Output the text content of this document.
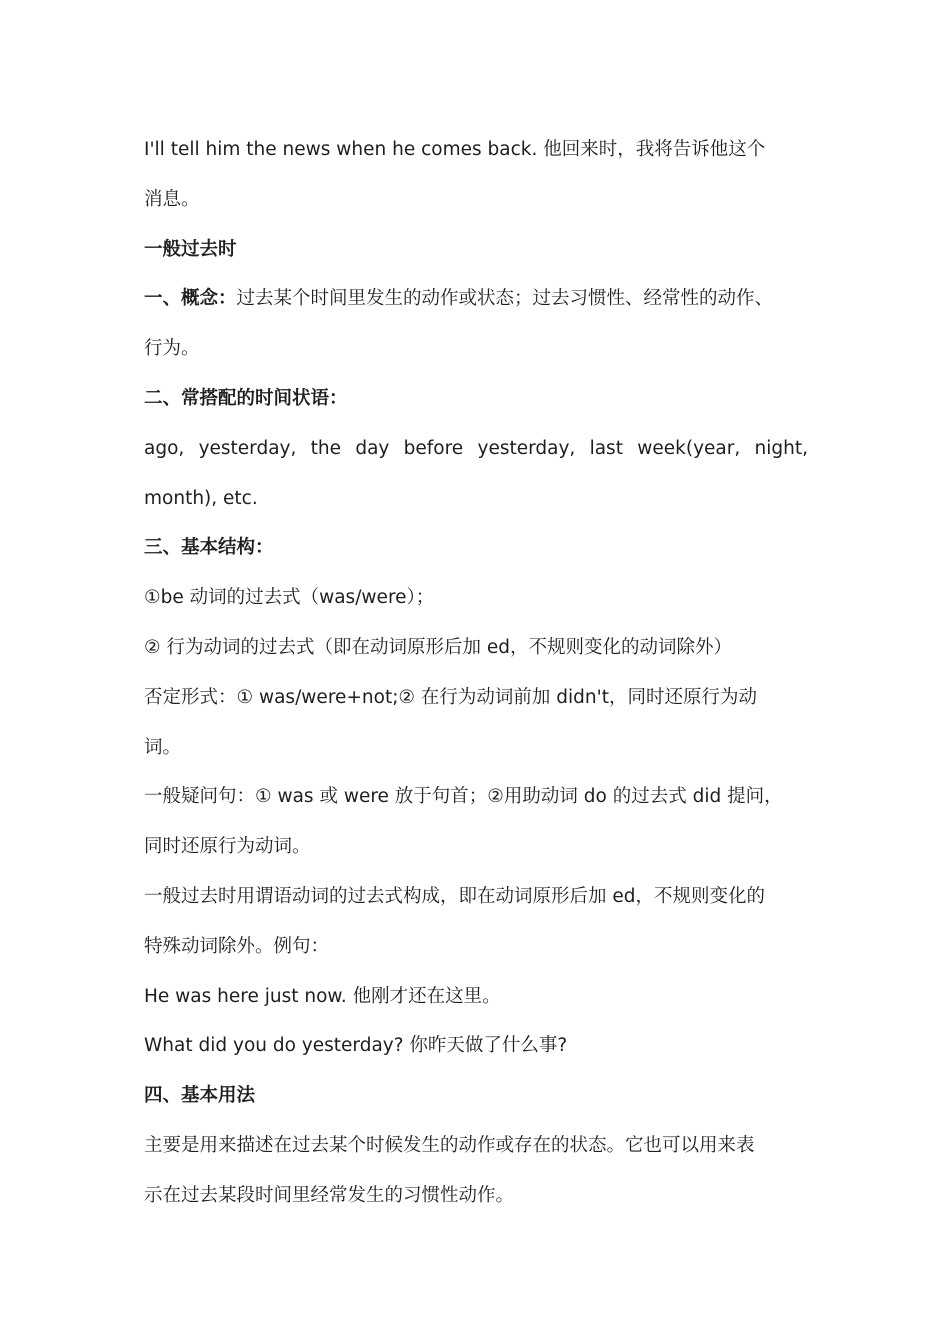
I'll tell him the news when he comes back. 他回来时，我将告诉他这个
消息。
一般过去时
一、概念：过去某个时间里发生的动作或状态；过去习惯性、经常性的动作、
行为。
二、常搭配的时间状语：
ago, yesterday, the day before yesterday, last week(year, night,
month), etc.
三、基本结构：
①be 动词的过去式（was/were）；
② 行为动词的过去式（即在动词原形后加 ed，不规则变化的动词除外）
否定形式：① was/were+not;② 在行为动词前加 didn't，同时还原行为动
词。
一般疑问句：① was 或 were 放于句首；②用助动词 do 的过去式 did 提问，
同时还原行为动词。
一般过去时用谓语动词的过去式构成，即在动词原形后加 ed，不规则变化的
特殊动词除外。例句：
He was here just now. 他刚才还在这里。
What did you do yesterday? 你昨天做了什么事?
四、基本用法
主要是用来描述在过去某个时候发生的动作或存在的状态。它也可以用来表
示在过去某段时间里经常发生的习惯性动作。
